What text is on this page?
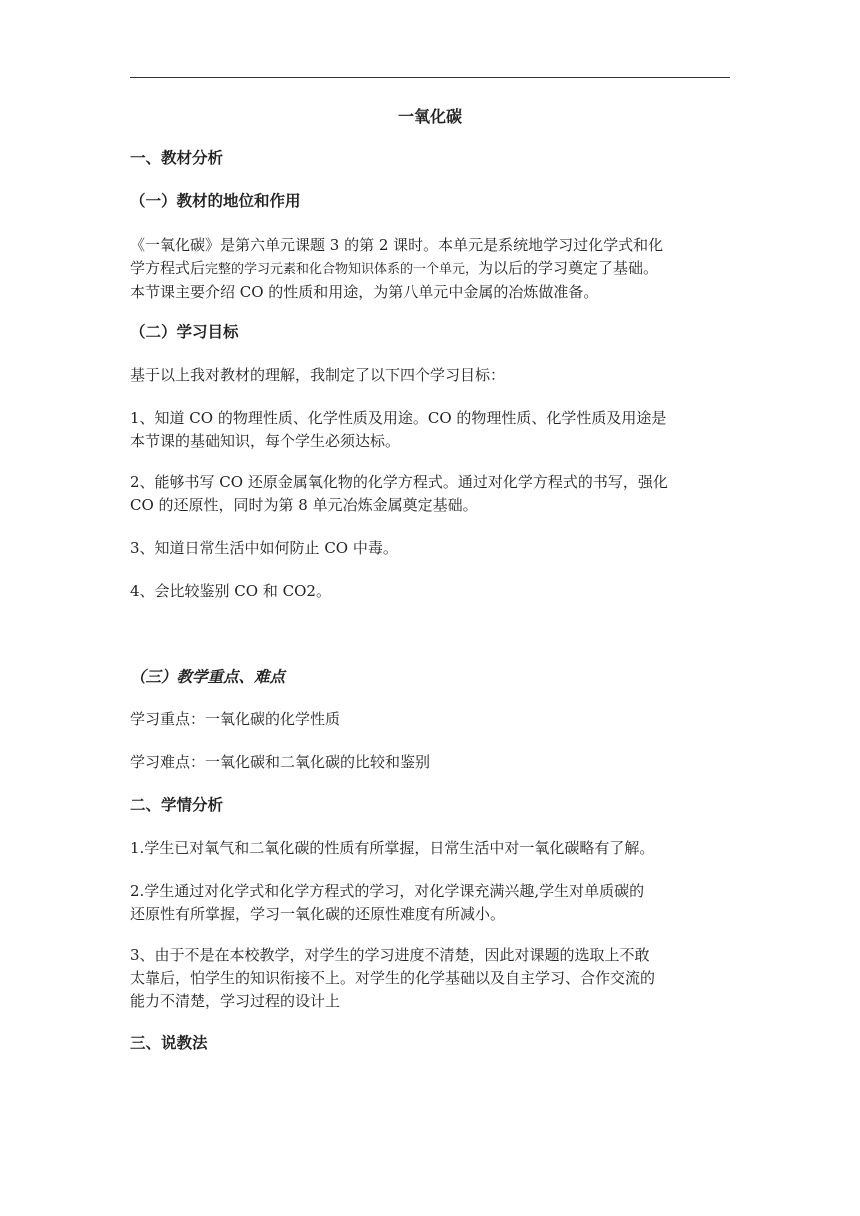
一氧化碳
一、教材分析
（一）教材的地位和作用
《一氧化碳》是第六单元课题 3 的第 2 课时。本单元是系统地学习过化学式和化
学方程式后完整的学习元素和化合物知识体系的一个单元，为以后的学习奠定了基础。
本节课主要介绍 CO 的性质和用途，为第八单元中金属的冶炼做准备。
（二）学习目标
基于以上我对教材的理解，我制定了以下四个学习目标：
1、知道 CO 的物理性质、化学性质及用途。CO 的物理性质、化学性质及用途是
本节课的基础知识，每个学生必须达标。
2、能够书写 CO 还原金属氧化物的化学方程式。通过对化学方程式的书写，强化
CO 的还原性，同时为第 8 单元冶炼金属奠定基础。
3、知道日常生活中如何防止 CO 中毒。
4、会比较鉴别 CO 和 CO2。
（三）教学重点、难点
学习重点：一氧化碳的化学性质
学习难点：一氧化碳和二氧化碳的比较和鉴别
二、学情分析
1.学生已对氧气和二氧化碳的性质有所掌握，日常生活中对一氧化碳略有了解。
2.学生通过对化学式和化学方程式的学习，对化学课充满兴趣,学生对单质碳的
还原性有所掌握，学习一氧化碳的还原性难度有所减小。
3、由于不是在本校教学，对学生的学习进度不清楚，因此对课题的选取上不敢
太靠后，怕学生的知识衔接不上。对学生的化学基础以及自主学习、合作交流的
能力不清楚，学习过程的设计上
三、说教法
